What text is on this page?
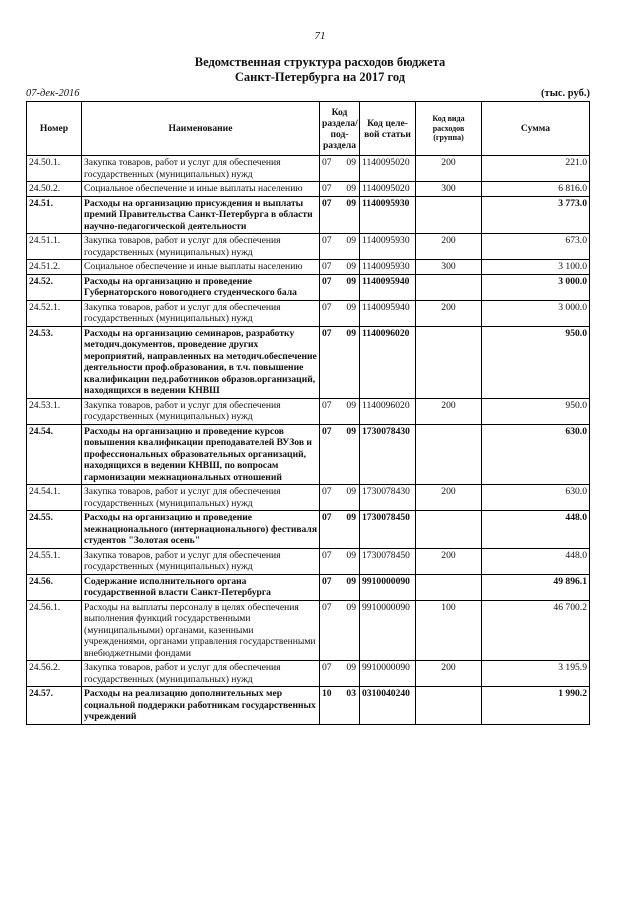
71
Ведомственная структура расходов бюджета
Санкт-Петербурга на 2017 год
07-дек-2016	(тыс. руб.)
Номер	Наименование	Код раздела/ под- раздела	Код целе- вой статьи	Код вида расходов (группа)	Сумма
24.50.1.	Закупка товаров, работ и услуг для обеспечения государственных (муниципальных) нужд	07 09	1140095020	200	221.0
24.50.2.	Социальное обеспечение и иные выплаты населению	07 09	1140095020	300	6 816.0
24.51.	Расходы на организацию присуждения и выплаты премий Правительства Санкт-Петербурга в области научно-педагогической деятельности	07 09	1140095930		3 773.0
24.51.1.	Закупка товаров, работ и услуг для обеспечения государственных (муниципальных) нужд	07 09	1140095930	200	673.0
24.51.2.	Социальное обеспечение и иные выплаты населению	07 09	1140095930	300	3 100.0
24.52.	Расходы на организацию и проведение Губернаторского новогоднего студенческого бала	07 09	1140095940		3 000.0
24.52.1.	Закупка товаров, работ и услуг для обеспечения государственных (муниципальных) нужд	07 09	1140095940	200	3 000.0
24.53.	Расходы на организацию семинаров, разработку методич.документов, проведение других мероприятий, направленных на методич.обеспечение деятельности проф.образования, в т.ч. повышение квалификации пед.работников образов.организаций, находящихся в ведении КНВШ	07 09	1140096020		950.0
24.53.1.	Закупка товаров, работ и услуг для обеспечения государственных (муниципальных) нужд	07 09	1140096020	200	950.0
24.54.	Расходы на организацию и проведение курсов повышения квалификации преподавателей ВУЗов и профессиональных образовательных организаций, находящихся в ведении КНВШ, по вопросам гармонизации межнациональных отношений	07 09	1730078430		630.0
24.54.1.	Закупка товаров, работ и услуг для обеспечения государственных (муниципальных) нужд	07 09	1730078430	200	630.0
24.55.	Расходы на организацию и проведение межнационального (интернационального) фестиваля студентов "Золотая осень"	07 09	1730078450		448.0
24.55.1.	Закупка товаров, работ и услуг для обеспечения государственных (муниципальных) нужд	07 09	1730078450	200	448.0
24.56.	Содержание исполнительного органа государственной власти Санкт-Петербурга	07 09	9910000090		49 896.1
24.56.1.	Расходы на выплаты персоналу в целях обеспечения выполнения функций государственными (муниципальными) органами, казенными учреждениями, органами управления государственными внебюджетными фондами	07 09	9910000090	100	46 700.2
24.56.2.	Закупка товаров, работ и услуг для обеспечения государственных (муниципальных) нужд	07 09	9910000090	200	3 195.9
24.57.	Расходы на реализацию дополнительных мер социальной поддержки работникам государственных учреждений	10 03	0310040240		1 990.2
